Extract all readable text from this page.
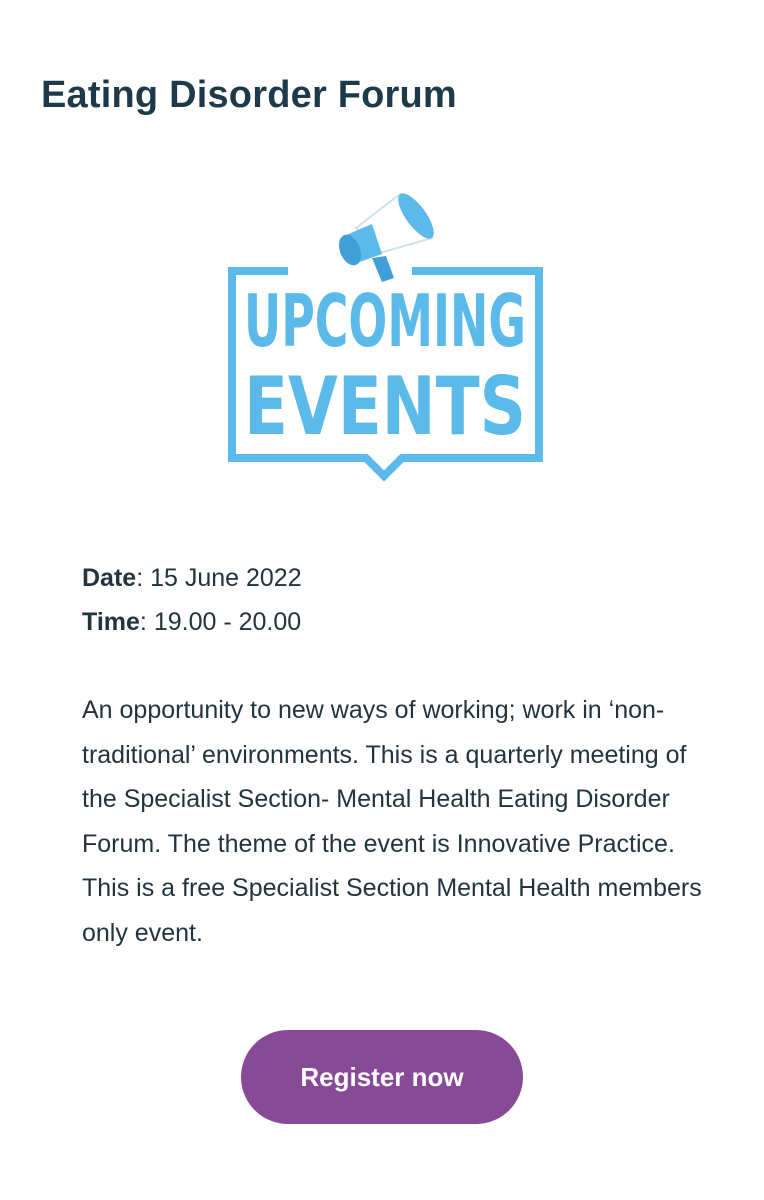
Eating Disorder Forum
UPCOMING
EVENTS
Date: 15 June 2022
Time: 19.00 - 20.00

An opportunity to new ways of working; work in ‘non-traditional’ environments. This is a quarterly meeting of the Specialist Section- Mental Health Eating Disorder Forum. The theme of the event is Innovative Practice. This is a free Specialist Section Mental Health members only event.

Register now
